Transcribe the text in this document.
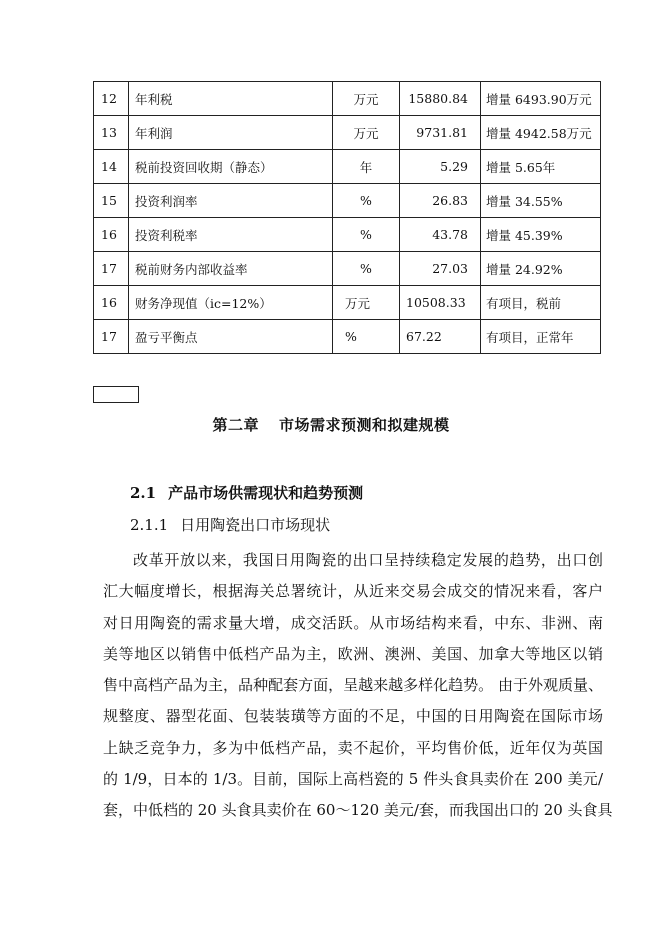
12	年利税	万元	15880.84	增量 6493.90万元
13	年利润	万元	9731.81	增量 4942.58万元
14	税前投资回收期（静态）	年	5.29	增量 5.65年
15	投资利润率	%	26.83	增量 34.55%
16	投资利税率	%	43.78	增量 45.39%
17	税前财务内部收益率	%	27.03	增量 24.92%
16	财务净现值（ic=12%）	万元	10508.33	有项目，税前
17	盈亏平衡点	%	67.22	有项目，正常年
第二章 市场需求预测和拟建规模
2.1 产品市场供需现状和趋势预测
2.1.1 日用陶瓷出口市场现状
改革开放以来，我国日用陶瓷的出口呈持续稳定发展的趋势，出口创
汇大幅度增长，根据海关总署统计，从近来交易会成交的情况来看，客户
对日用陶瓷的需求量大增，成交活跃。从市场结构来看，中东、非洲、南
美等地区以销售中低档产品为主，欧洲、澳洲、美国、加拿大等地区以销
售中高档产品为主，品种配套方面，呈越来越多样化趋势。 由于外观质量、
规整度、器型花面、包装装璜等方面的不足，中国的日用陶瓷在国际市场
上缺乏竞争力，多为中低档产品，卖不起价，平均售价低，近年仅为英国
的 1/9，日本的 1/3。目前，国际上高档瓷的 5 件头食具卖价在 200 美元/
套，中低档的 20 头食具卖价在 60～120 美元/套，而我国出口的 20 头食具
